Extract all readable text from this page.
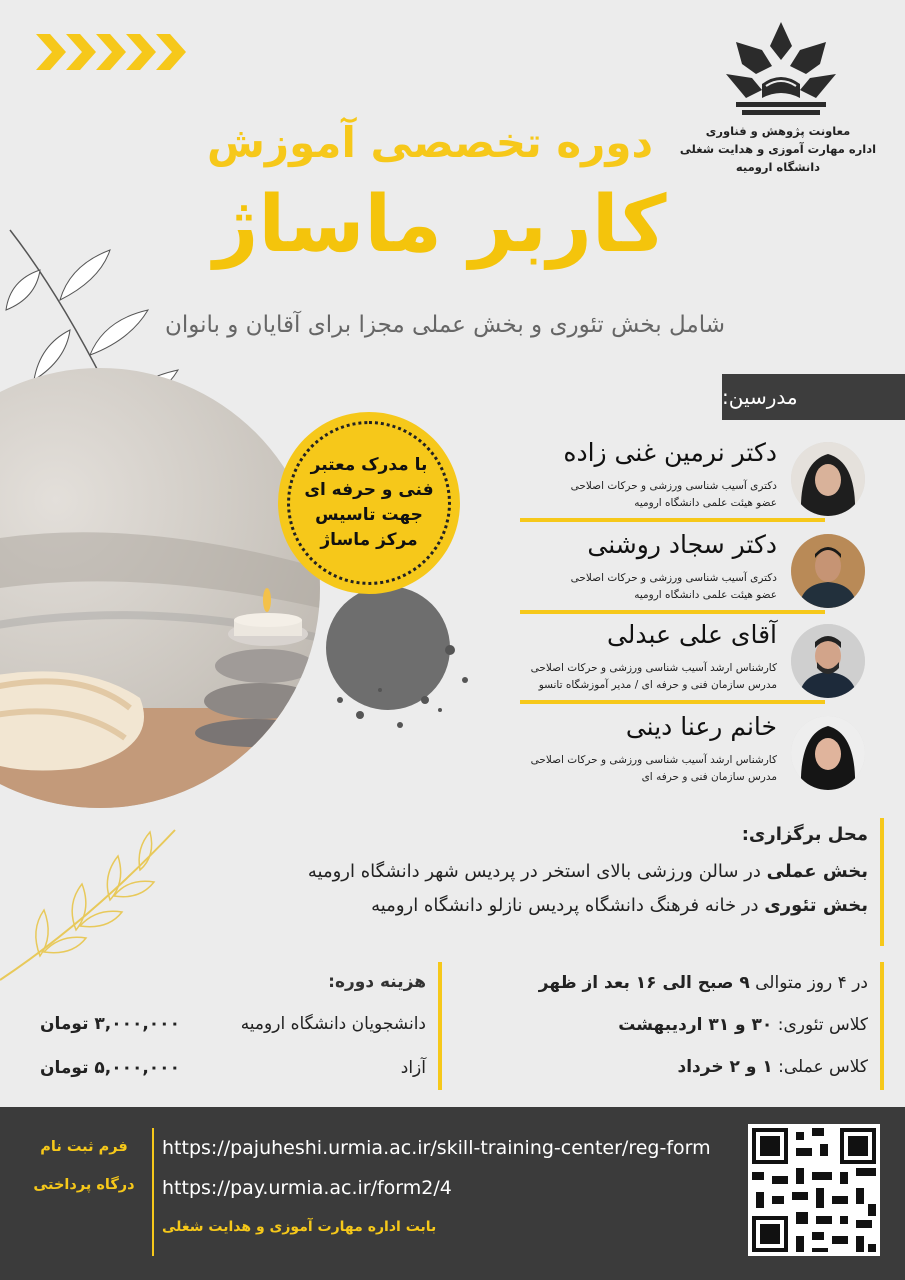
معاونت پژوهش و فناوری
اداره مهارت آموزی و هدایت شغلی
دانشگاه ارومیه
دوره تخصصی آموزش
کاربر ماساژ
شامل بخش تئوری و بخش عملی مجزا برای آقایان و بانوان
با مدرک معتبر
فنی و حرفه ای
جهت تاسیس
مرکز ماساژ
مدرسین:
دکتر نرمین غنی زاده
دکتری آسیب شناسی ورزشی و حرکات اصلاحی
عضو هیئت علمی دانشگاه ارومیه
دکتر سجاد روشنی
دکتری آسیب شناسی ورزشی و حرکات اصلاحی
عضو هیئت علمی دانشگاه ارومیه
آقای علی عبدلی
کارشناس ارشد آسیب شناسی ورزشی و حرکات اصلاحی
مدرس سازمان فنی و حرفه ای / مدیر آموزشگاه تانسو
خانم رعنا دینی
کارشناس ارشد آسیب شناسی ورزشی و حرکات اصلاحی
مدرس سازمان فنی و حرفه ای
محل برگزاری:
بخش عملی در سالن ورزشی بالای استخر در پردیس شهر دانشگاه ارومیه
بخش تئوری در خانه فرهنگ دانشگاه پردیس نازلو دانشگاه ارومیه
در ۴ روز متوالی ۹ صبح الی ۱۶ بعد از ظهر
کلاس تئوری: ۳۰ و ۳۱ اردیبهشت
کلاس عملی: ۱ و ۲ خرداد
هزینه دوره:
دانشجویان دانشگاه ارومیه
۳,۰۰۰,۰۰۰ تومان
آزاد
۵,۰۰۰,۰۰۰ تومان
فرم ثبت نام
درگاه پرداختی
https://pajuheshi.urmia.ac.ir/skill-training-center/reg-form
https://pay.urmia.ac.ir/form2/4
بابت اداره مهارت آموزی و هدایت شغلی
